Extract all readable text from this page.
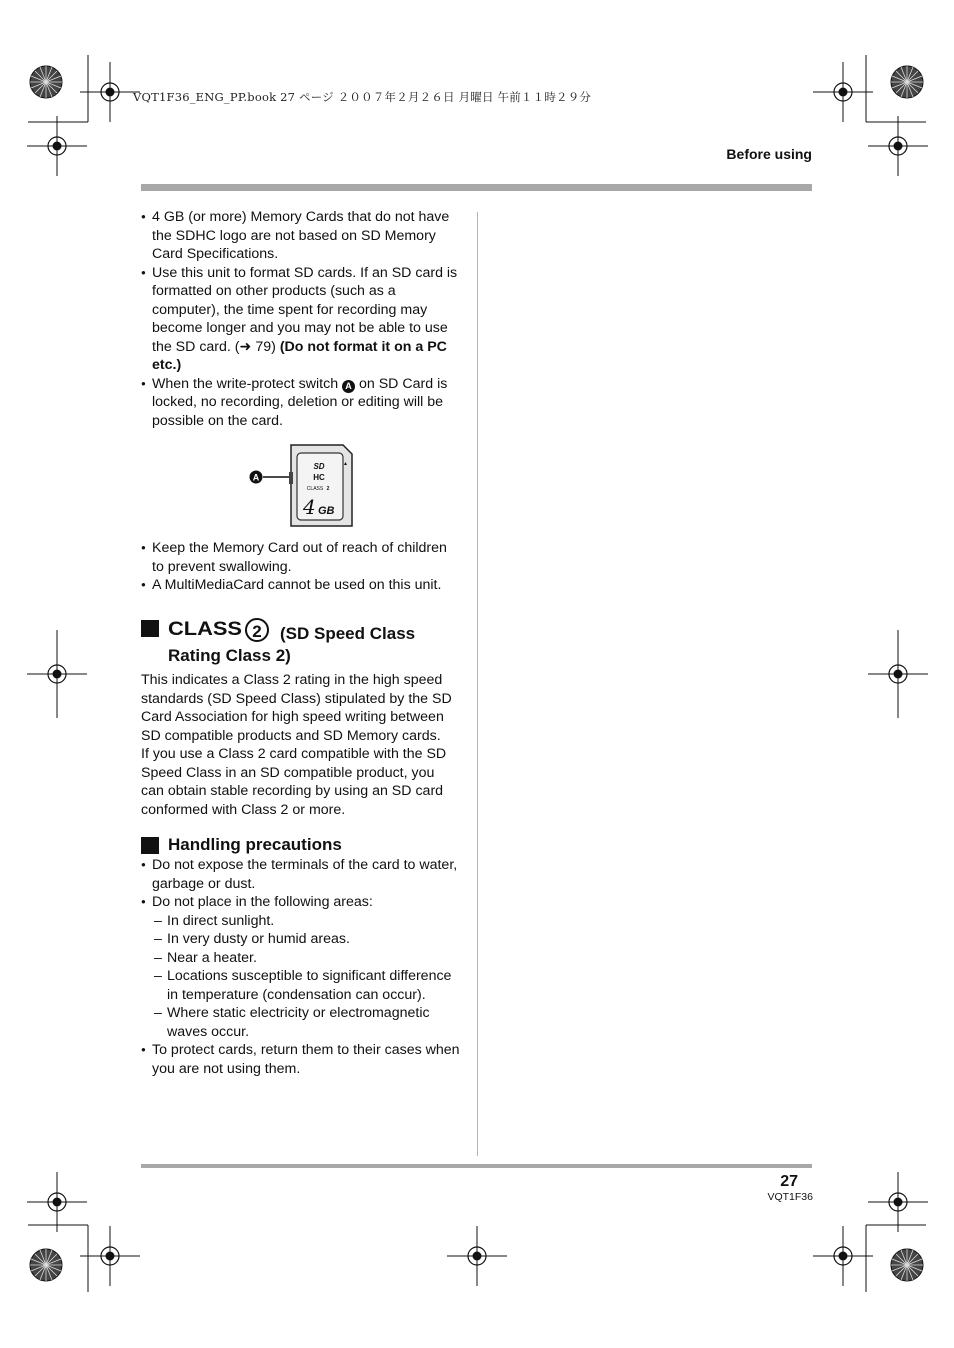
VQT1F36_ENG_PP.book 27 ページ ２００７年２月２６日 月曜日 午前１１時２９分
Before using
● 4 GB (or more) Memory Cards that do not have the SDHC logo are not based on SD Memory Card Specifications.
● Use this unit to format SD cards. If an SD card is formatted on other products (such as a computer), the time spent for recording may become longer and you may not be able to use the SD card. (➜ 79) (Do not format it on a PC etc.)
● When the write-protect switch A on SD Card is locked, no recording, deletion or editing will be possible on the card.
A
SD
HC
CLASS 2
4 GB
▴
● Keep the Memory Card out of reach of children to prevent swallowing.
● A MultiMediaCard cannot be used on this unit.
CLASS 2 (SD Speed Class Rating Class 2)
This indicates a Class 2 rating in the high speed standards (SD Speed Class) stipulated by the SD Card Association for high speed writing between SD compatible products and SD Memory cards.
If you use a Class 2 card compatible with the SD Speed Class in an SD compatible product, you can obtain stable recording by using an SD card conformed with Class 2 or more.
Handling precautions
● Do not expose the terminals of the card to water, garbage or dust.
● Do not place in the following areas:
– In direct sunlight.
– In very dusty or humid areas.
– Near a heater.
– Locations susceptible to significant difference in temperature (condensation can occur).
– Where static electricity or electromagnetic waves occur.
● To protect cards, return them to their cases when you are not using them.
27
VQT1F36
